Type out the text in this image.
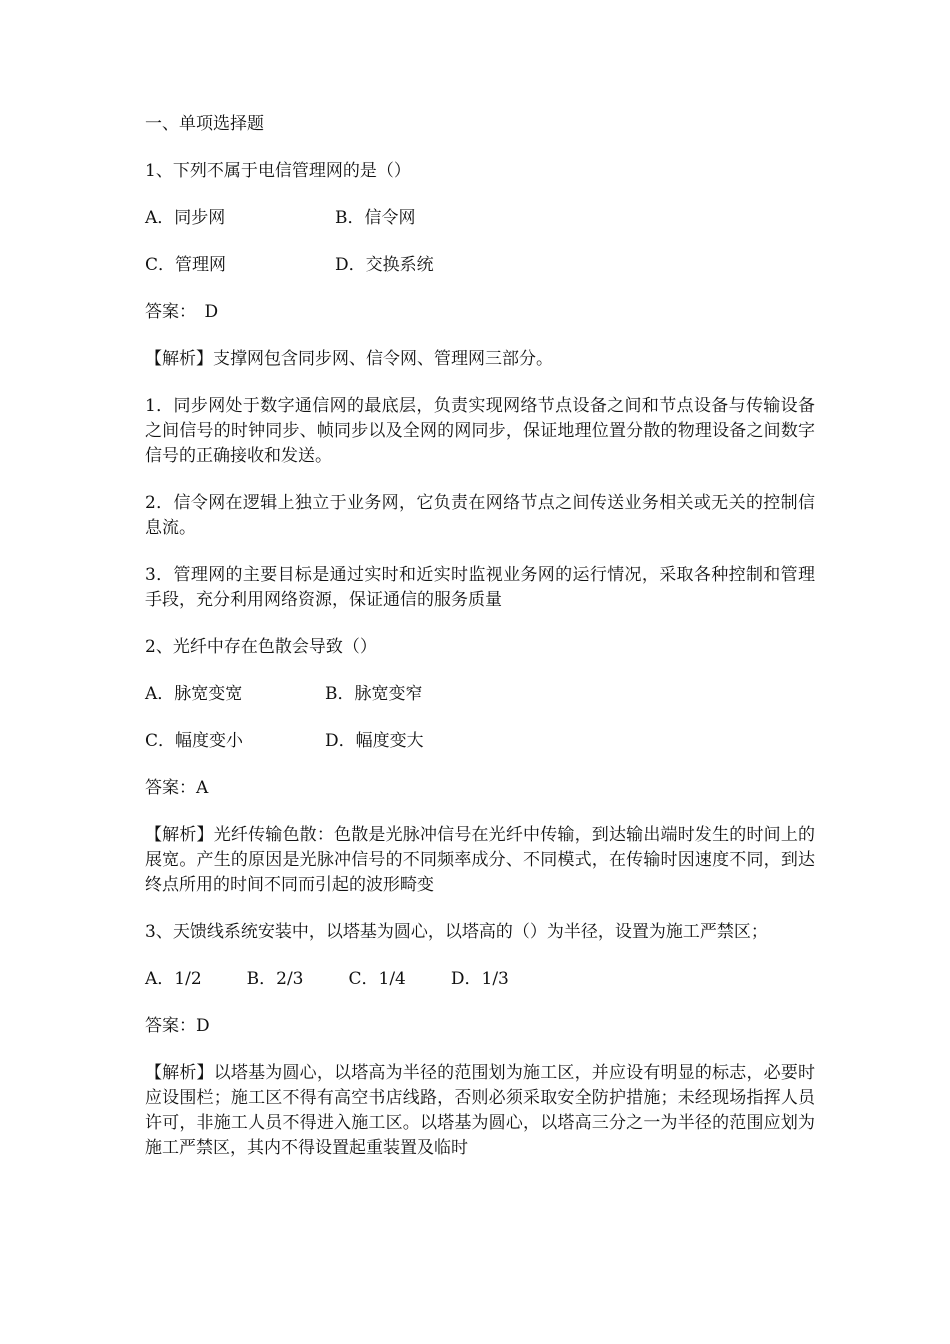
一、单项选择题

1、下列不属于电信管理网的是（）

A．同步网	B．信令网
C．管理网	D．交换系统

答案：　D

【解析】支撑网包含同步网、信令网、管理网三部分。

1．同步网处于数字通信网的最底层，负责实现网络节点设备之间和节点设备与传输设备之间信号的时钟同步、帧同步以及全网的网同步，保证地理位置分散的物理设备之间数字信号的正确接收和发送。

2．信令网在逻辑上独立于业务网，它负责在网络节点之间传送业务相关或无关的控制信息流。

3．管理网的主要目标是通过实时和近实时监视业务网的运行情况，采取各种控制和管理手段，充分利用网络资源，保证通信的服务质量

2、光纤中存在色散会导致（）

A．脉宽变宽	B．脉宽变窄
C．幅度变小	D．幅度变大

答案：A

【解析】光纤传输色散：色散是光脉冲信号在光纤中传输，到达输出端时发生的时间上的展宽。产生的原因是光脉冲信号的不同频率成分、不同模式，在传输时因速度不同，到达终点所用的时间不同而引起的波形畸变

3、天馈线系统安装中，以塔基为圆心，以塔高的（）为半径，设置为施工严禁区；

A．1/2	B．2/3	C．1/4	D．1/3

答案：D

【解析】以塔基为圆心，以塔高为半径的范围划为施工区，并应设有明显的标志，必要时应设围栏；施工区不得有高空书店线路，否则必须采取安全防护措施；未经现场指挥人员许可，非施工人员不得进入施工区。以塔基为圆心，以塔高三分之一为半径的范围应划为施工严禁区，其内不得设置起重装置及临时
